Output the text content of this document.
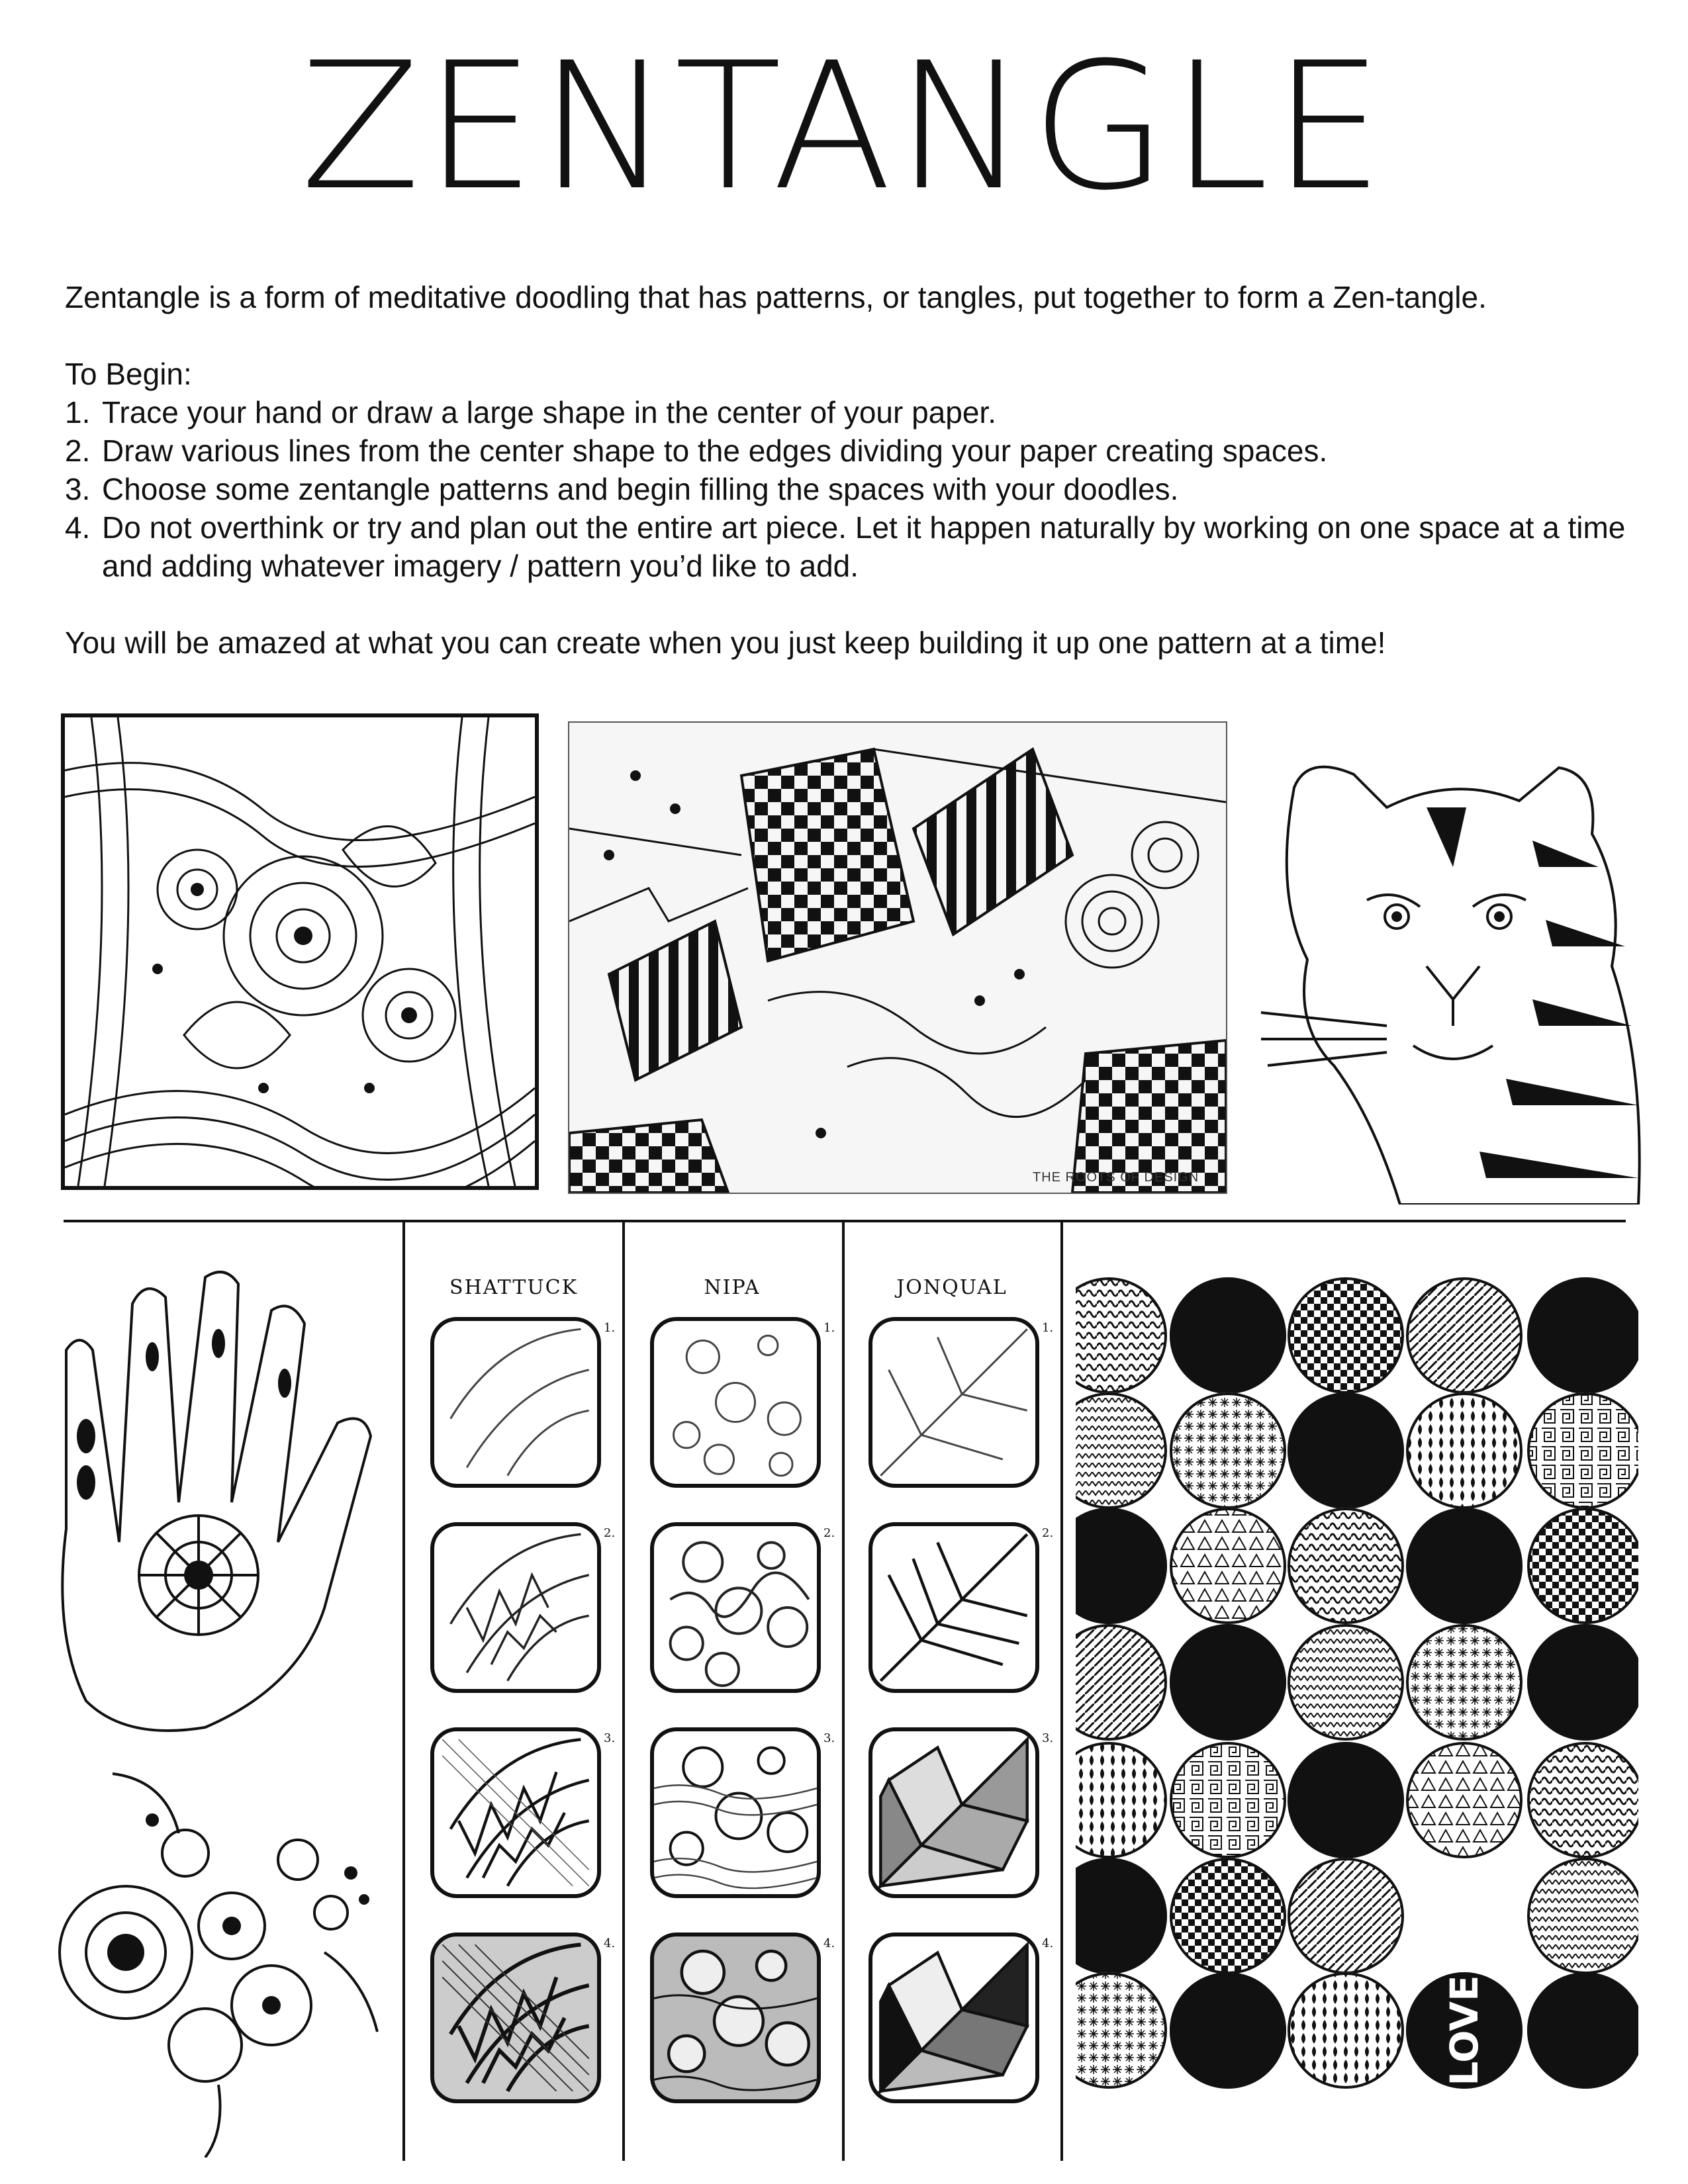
ZENTANGLE

Zentangle is a form of meditative doodling that has patterns, or tangles, put together to form a Zen-tangle.

To Begin:

1. Trace your hand or draw a large shape in the center of your paper.
2. Draw various lines from the center shape to the edges dividing your paper creating spaces.
3. Choose some zentangle patterns and begin filling the spaces with your doodles.
4. Do not overthink or try and plan out the entire art piece. Let it happen naturally by working on one space at a time and adding whatever imagery / pattern you’d like to add.

You will be amazed at what you can create when you just keep building it up one pattern at a time!

THE ROOTS OF DESIGN
SHATTUCK	NIPA	JONQUAL
1.
2.
3.
4.
1.
2.
3.
4.
1.
2.
3.
4.
LOVE
